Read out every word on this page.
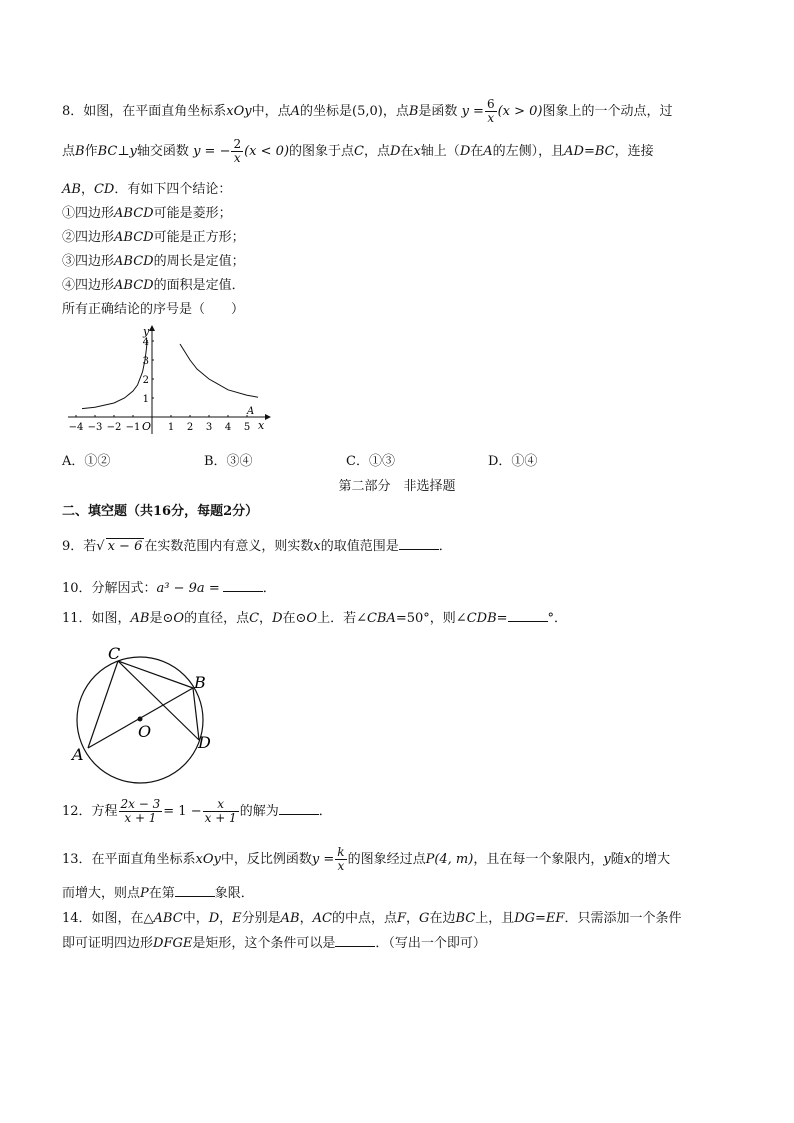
8．如图，在平面直角坐标系xOy中，点A的坐标是(5,0)，点B是函数 $y = \frac{6}{x} (x > 0)$图象上的一个动点，过
点B作BC⊥y轴交函数 y = − $\frac{2}{x} (x < 0)$的图象于点C，点D在x轴上（D在A的左侧），且AD=BC，连接
AB，CD．有如下四个结论：
①四边形ABCD可能是菱形；
②四边形ABCD可能是正方形；
③四边形ABCD的周长是定值；
④四边形ABCD的面积是定值．
所有正确结论的序号是（　　）
y
x
O
A
4
3
2
1
−4 −3 −2 −1	1 2 3 4 5
A．①②	B．③④	C．①③	D．①④
第二部分　非选择题
二、填空题（共16分，每题2分）
9．若√ x − 6 在实数范围内有意义，则实数x的取值范围是	．
10．分解因式：a³ − 9a =	．
11．如图，AB是⊙O的直径，点C，D在⊙O上．若∠CBA=50°，则∠CDB=	°．
A
B
C
D
O
12．方程 $\frac{2x - 3}{x + 1} = 1 - \frac{x}{x + 1}$ 的解为	．
13．在平面直角坐标系xOy中，反比例函数$y = \frac{k}{x}$ 的图象经过点P(4, m)，且在每一个象限内，y随x的增大
而增大，则点P在第	象限．
14．如图，在△ABC中，D，E分别是AB，AC的中点，点F，G在边BC上，且DG=EF．只需添加一个条件
即可证明四边形DFGE是矩形，这个条件可以是	．（写出一个即可）
